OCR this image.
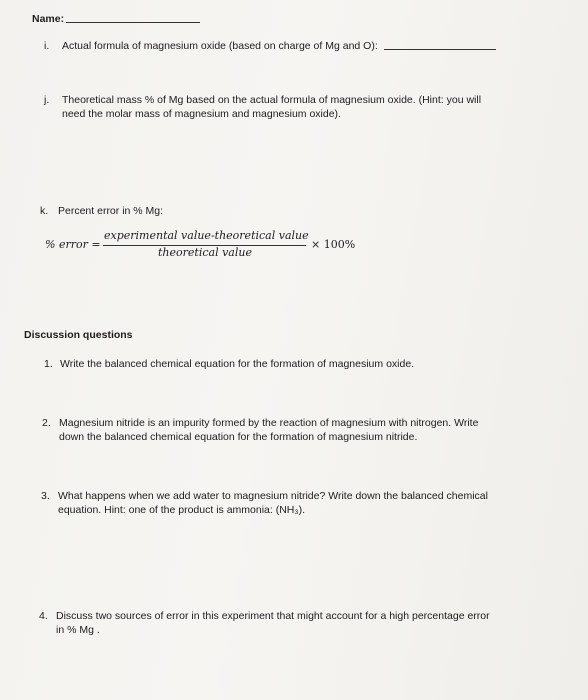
Name:
i. Actual formula of magnesium oxide (based on charge of Mg and O):
j. Theoretical mass % of Mg based on the actual formula of magnesium oxide. (Hint: you will
need the molar mass of magnesium and magnesium oxide).
k. Percent error in % Mg:
% error =
experimental value-theoretical value
theoretical value
× 100%
Discussion questions
1. Write the balanced chemical equation for the formation of magnesium oxide.
2. Magnesium nitride is an impurity formed by the reaction of magnesium with nitrogen. Write
down the balanced chemical equation for the formation of magnesium nitride.
3. What happens when we add water to magnesium nitride? Write down the balanced chemical
equation. Hint: one of the product is ammonia: (NH₃).
4. Discuss two sources of error in this experiment that might account for a high percentage error
in % Mg .
